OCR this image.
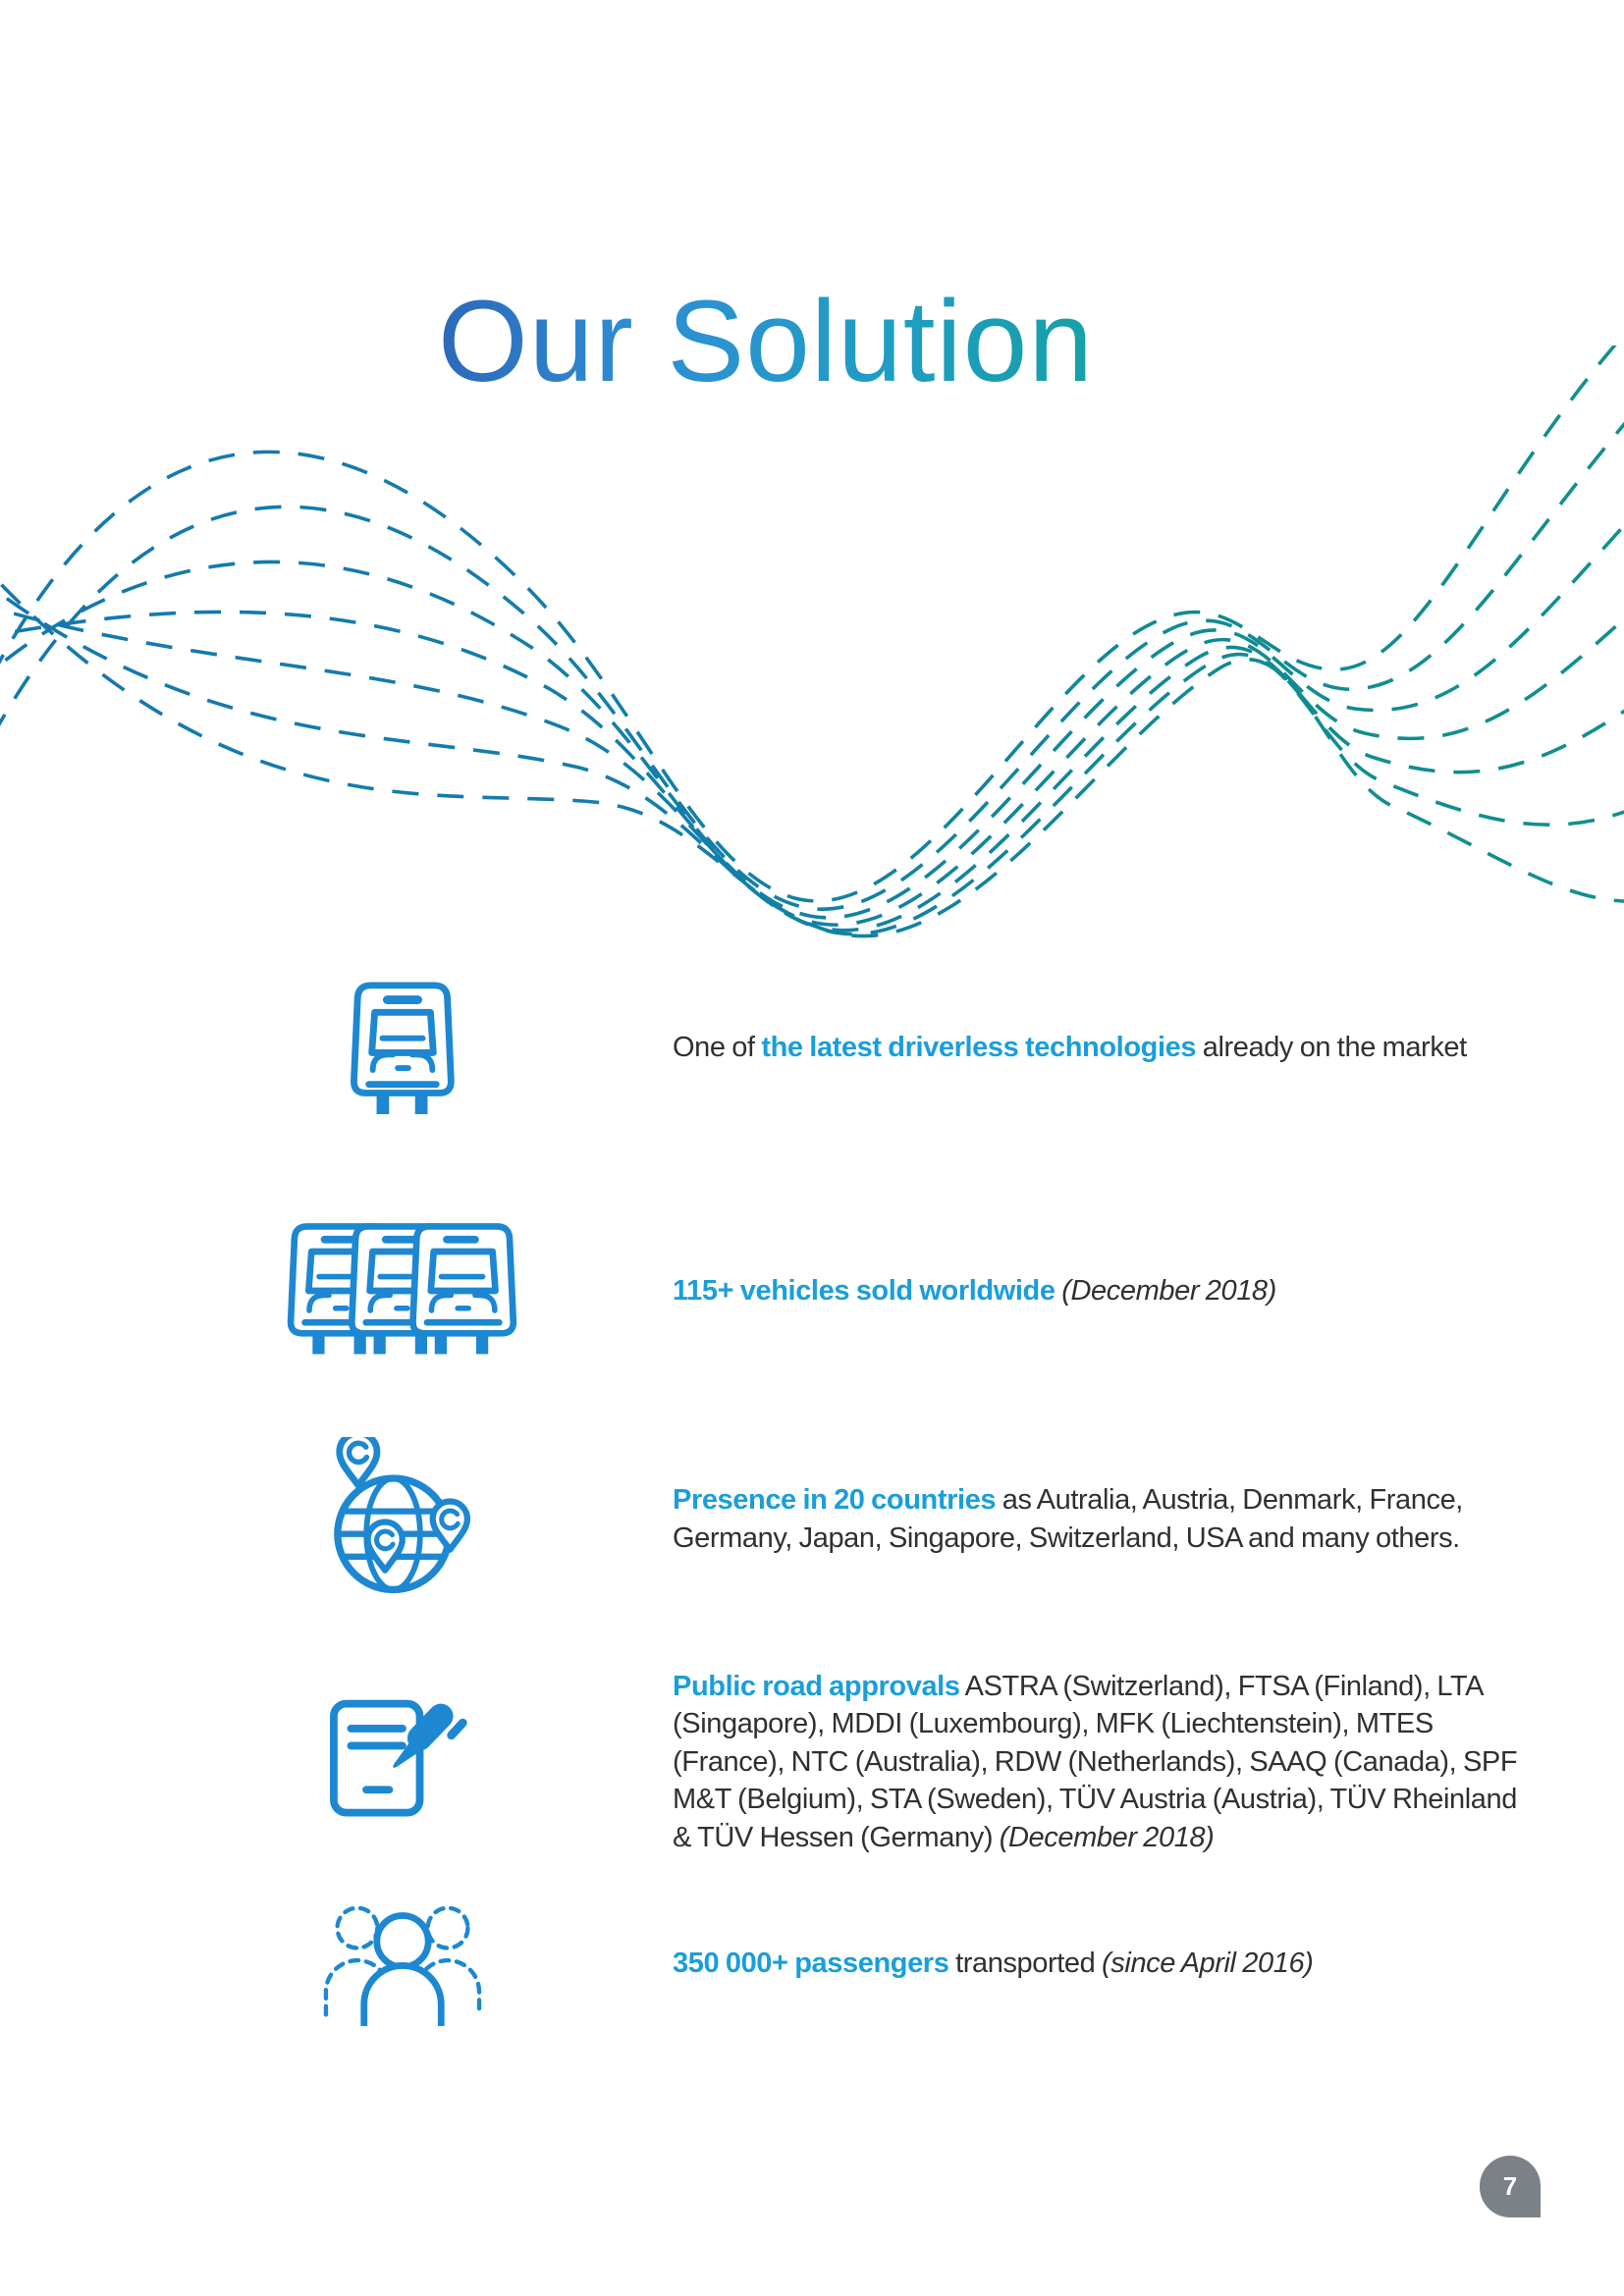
Our Solution

One of the latest driverless technologies already on the market

115+ vehicles sold worldwide (December 2018)

Presence in 20 countries as Autralia, Austria, Denmark, France, Germany, Japan, Singapore, Switzerland, USA and many others.

Public road approvals ASTRA (Switzerland), FTSA (Finland), LTA (Singapore), MDDI (Luxembourg), MFK (Liechtenstein), MTES (France), NTC (Australia), RDW (Netherlands), SAAQ (Canada), SPF M&T (Belgium), STA (Sweden), TÜV Austria (Austria), TÜV Rheinland & TÜV Hessen (Germany) (December 2018)

350 000+ passengers transported (since April 2016)

7
